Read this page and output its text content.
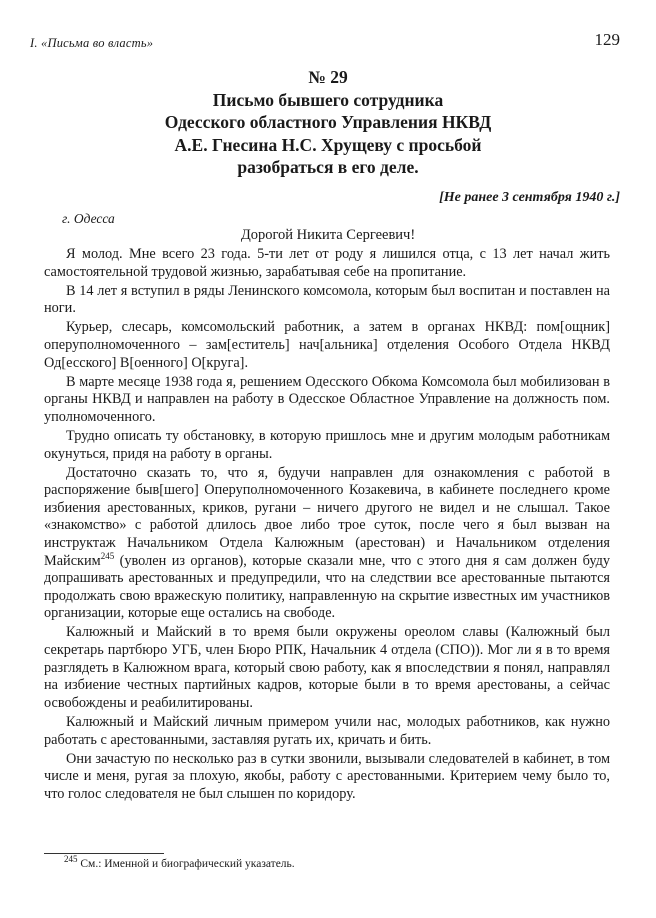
I. «Письма во власть»	129
№ 29
Письмо бывшего сотрудника
Одесского областного Управления НКВД
А.Е. Гнесина Н.С. Хрущеву с просьбой
разобраться в его деле.
[Не ранее 3 сентября 1940 г.]
г. Одесса
Дорогой Никита Сергеевич!

Я молод. Мне всего 23 года. 5-ти лет от роду я лишился отца, с 13 лет начал жить самостоятельной трудовой жизнью, зарабатывая себе на пропитание.

В 14 лет я вступил в ряды Ленинского комсомола, которым был воспитан и поставлен на ноги.

Курьер, слесарь, комсомольский работник, а затем в органах НКВД: пом[ощник] оперуполномоченного – зам[еститель] нач[альника] отделения Особого Отдела НКВД Од[есского] В[оенного] О[круга].

В марте месяце 1938 года я, решением Одесского Обкома Комсомола был мобилизован в органы НКВД и направлен на работу в Одесское Областное Управление на должность пом. уполномоченного.

Трудно описать ту обстановку, в которую пришлось мне и другим молодым работникам окунуться, придя на работу в органы.

Достаточно сказать то, что я, будучи направлен для ознакомления с работой в распоряжение быв[шего] Оперуполномоченного Козакевича, в кабинете последнего кроме избиения арестованных, криков, ругани – ничего другого не видел и не слышал. Такое «знакомство» с работой длилось двое либо трое суток, после чего я был вызван на инструктаж Начальником Отдела Калюжным (арестован) и Начальником отделения Майским$^{245}$ (уволен из органов), которые сказали мне, что с этого дня я сам должен буду допрашивать арестованных и предупредили, что на следствии все арестованные пытаются продолжать свою вражескую политику, направленную на скрытие известных им участников организации, которые еще остались на свободе.

Калюжный и Майский в то время были окружены ореолом славы (Калюжный был секретарь партбюро УГБ, член Бюро РПК, Начальник 4 отдела (СПО)). Мог ли я в то время разглядеть в Калюжном врага, который свою работу, как я впоследствии я понял, направлял на избиение честных партийных кадров, которые были в то время арестованы, а сейчас освобождены и реабилитированы.

Калюжный и Майский личным примером учили нас, молодых работников, как нужно работать с арестованными, заставляя ругать их, кричать и бить.

Они зачастую по несколько раз в сутки звонили, вызывали следователей в кабинет, в том числе и меня, ругая за плохую, якобы, работу с арестованными. Критерием чему было то, что голос следователя не был слышен по коридору.

$^{245}$ См.: Именной и биографический указатель.
